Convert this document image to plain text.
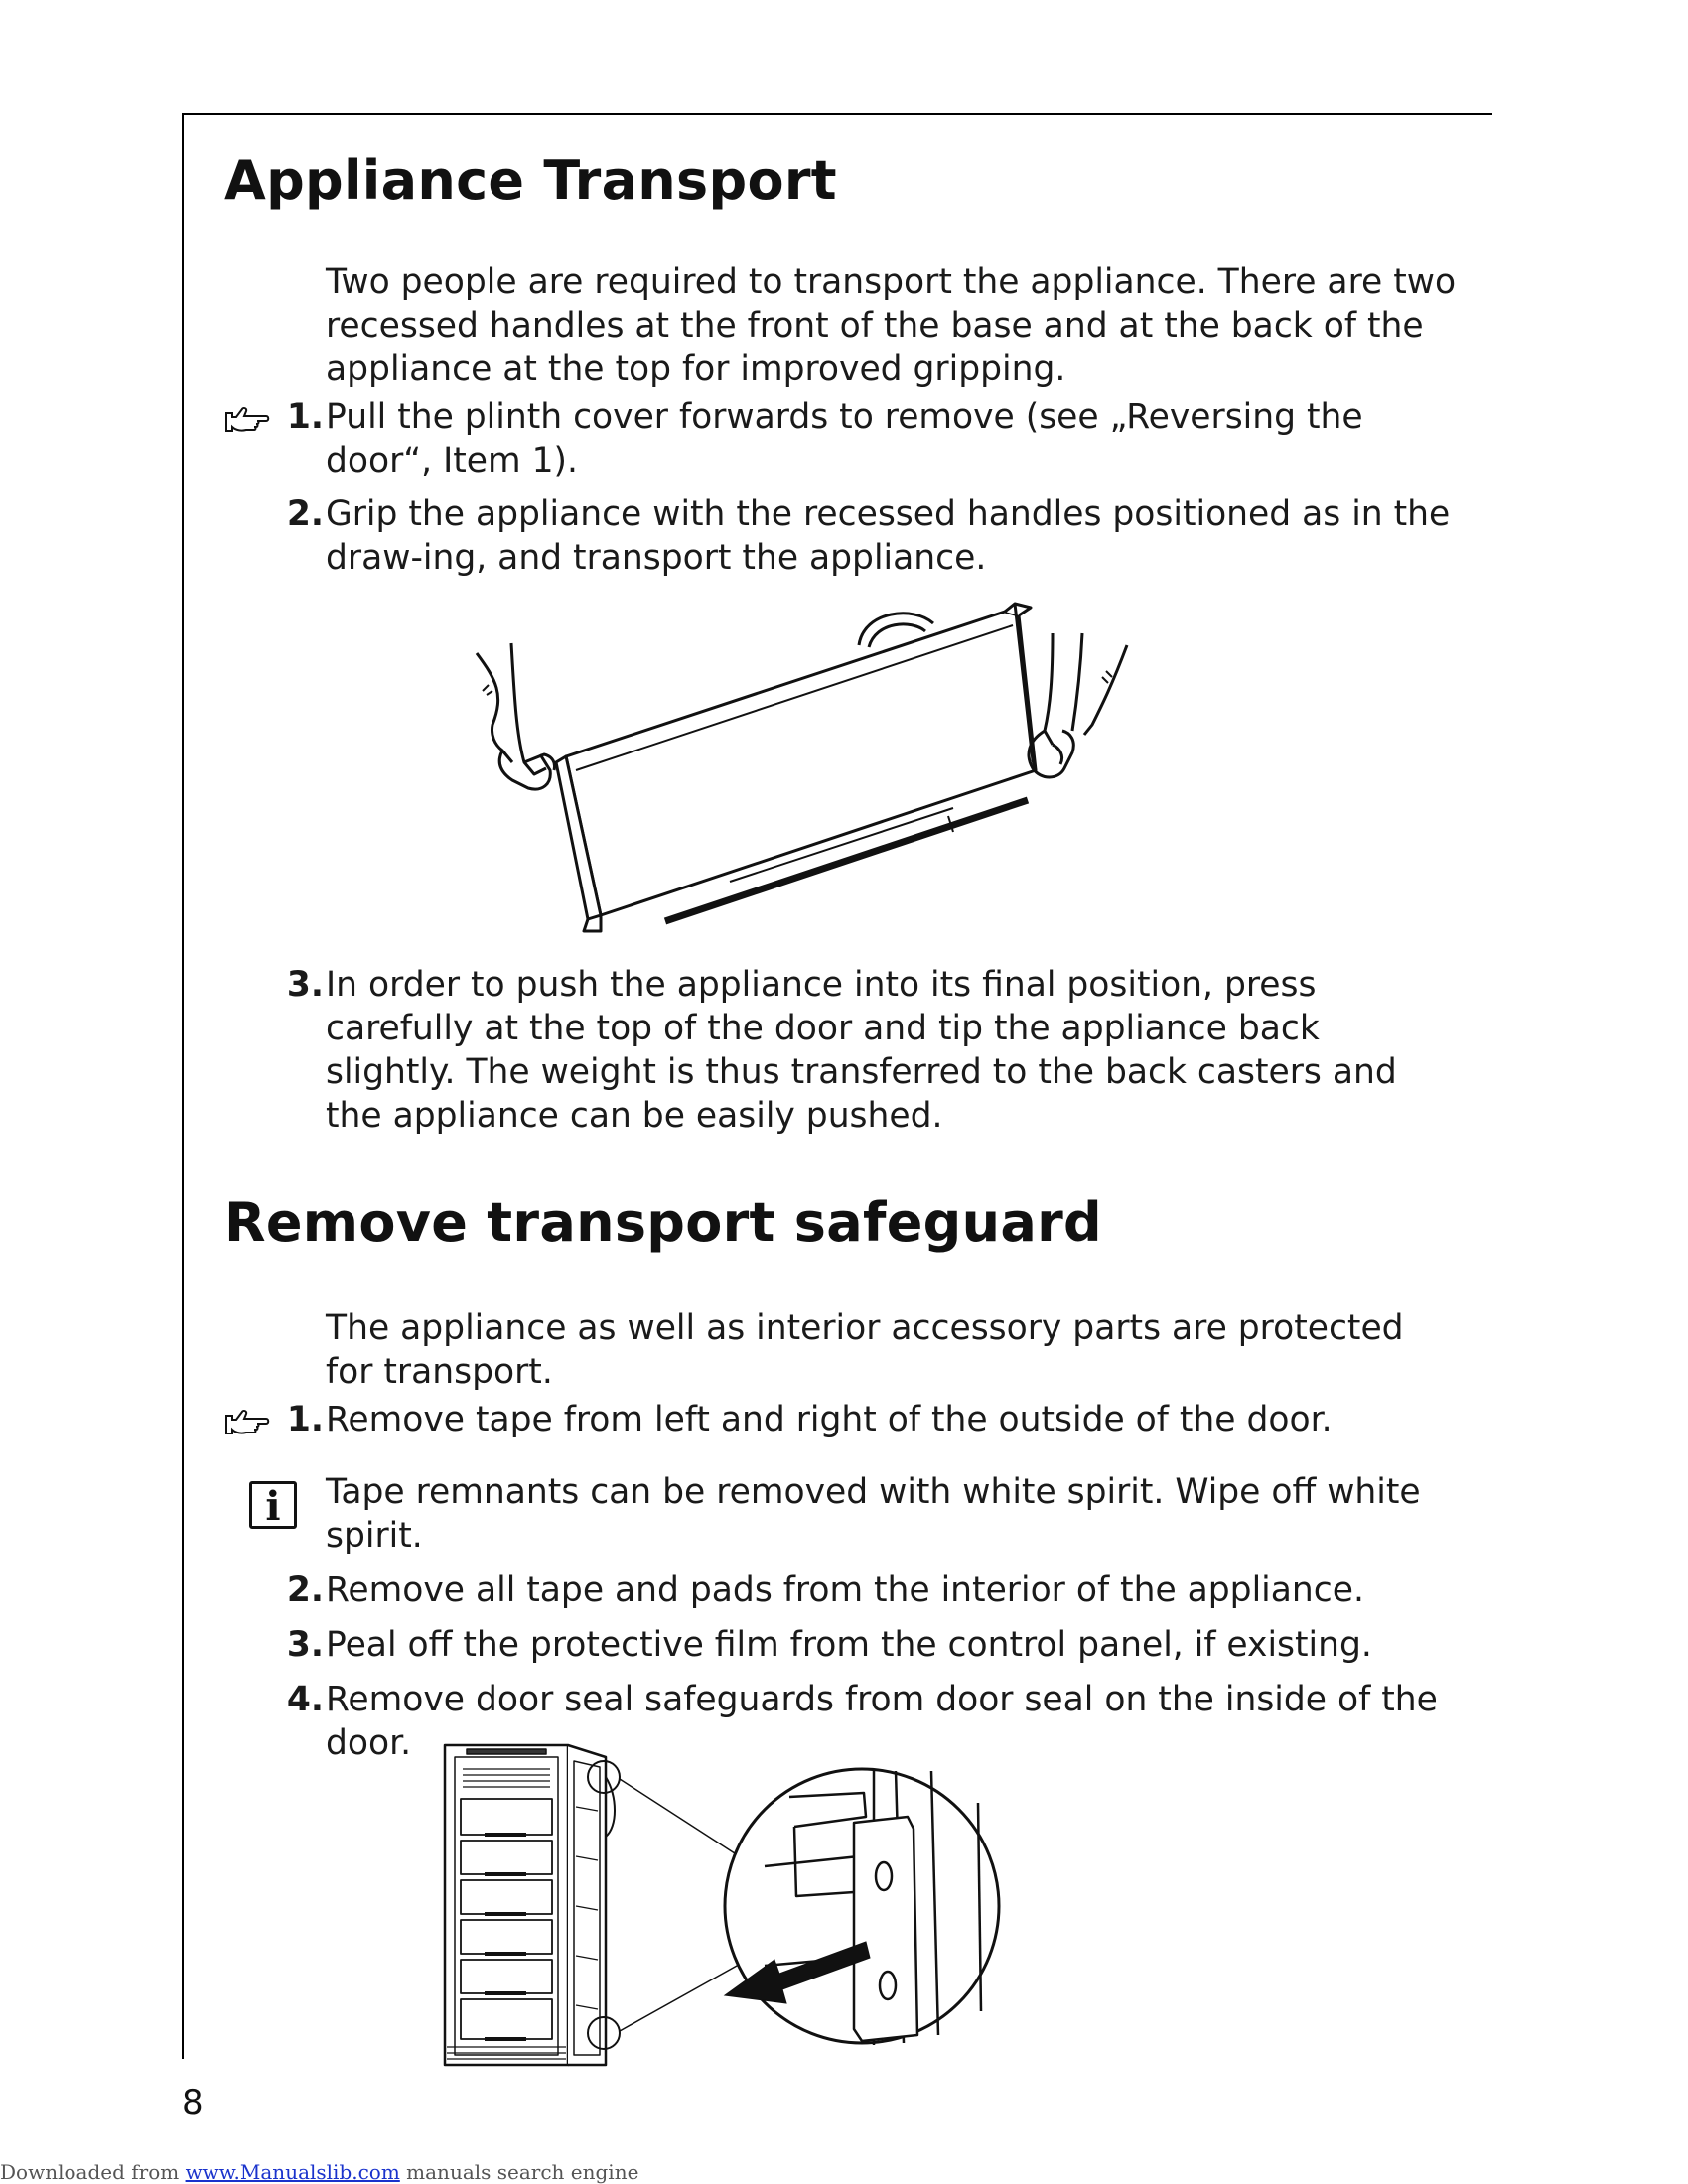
Appliance Transport

Two people are required to transport the appliance. There are two recessed handles at the front of the base and at the back of the appliance at the top for improved gripping.

1. Pull the plinth cover forwards to remove (see „Reversing the door“, Item 1).
2. Grip the appliance with the recessed handles positioned as in the draw-ing, and transport the appliance.
3. In order to push the appliance into its final position, press carefully at the top of the door and tip the appliance back slightly. The weight is thus transferred to the back casters and the appliance can be easily pushed.
Remove transport safeguard

The appliance as well as interior accessory parts are protected for transport.

1. Remove tape from left and right of the outside of the door.
i	Tape remnants can be removed with white spirit. Wipe off white spirit.

2. Remove all tape and pads from the interior of the appliance.
3. Peal off the protective film from the control panel, if existing.
4. Remove door seal safeguards from door seal on the inside of the door.
8
Downloaded from www.Manualslib.com manuals search engine
